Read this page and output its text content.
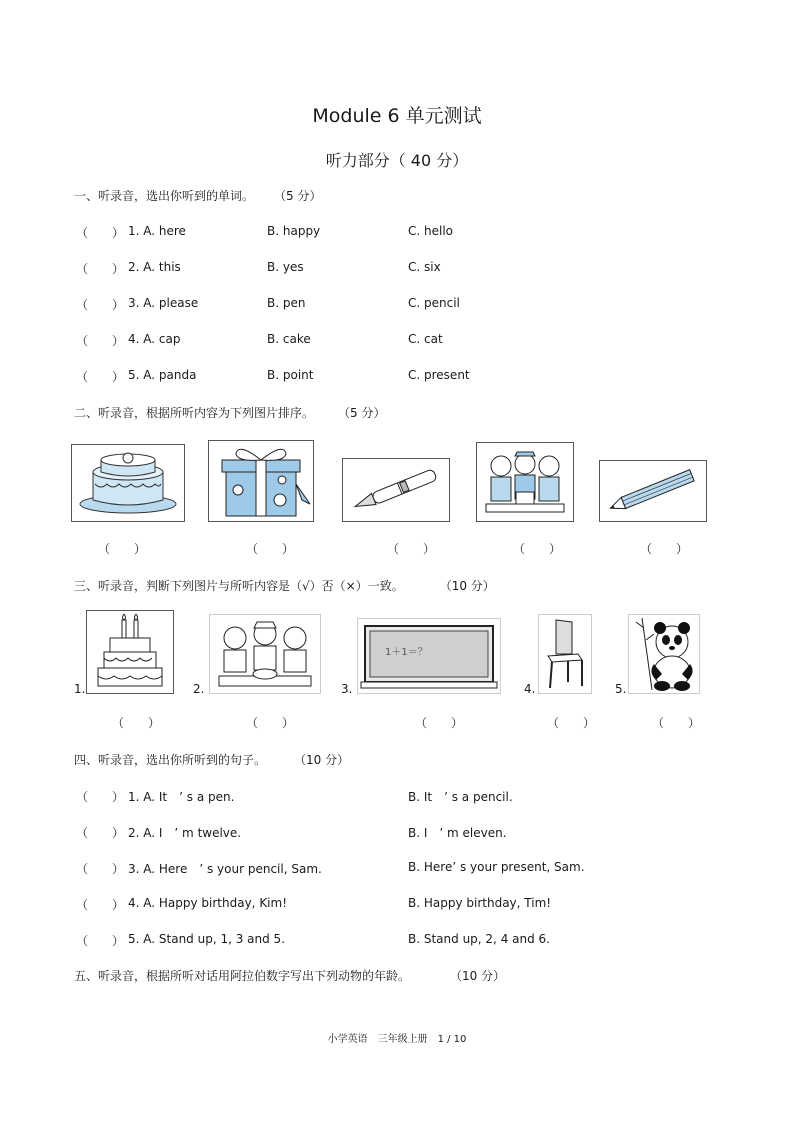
Module 6 单元测试
听力部分（ 40 分）
一、听录音，选出你听到的单词。 （5 分）
（　　） 1. A. here	B. happy	C. hello
（　　） 2. A. this	B. yes	C. six
（　　） 3. A. please	B. pen	C. pencil
（　　） 4. A. cap	B. cake	C. cat
（　　） 5. A. panda	B. point	C. present
二、听录音，根据所听内容为下列图片排序。 （5 分）
（　　）	（　　）	（　　）	（　　）	（　　）
三、听录音，判断下列图片与所听内容是（√）否（×）一致。	（10 分）
1.	2.	3.
1＋1＝？
4.	5.
（　　）	（　　）	（　　）	（　　）	（　　）
四、听录音，选出你所听到的句子。 （10 分）
（　　） 1. A. It　’ s a pen.	B. It　’ s a pencil.
（　　） 2. A. I　’ m twelve.	B. I　’ m eleven.
（　　） 3. A. Here　’ s your pencil, Sam.	B. Here’ s your present, Sam.
（　　） 4. A. Happy birthday, Kim!	B. Happy birthday, Tim!
（　　） 5. A. Stand up, 1, 3 and 5.	B. Stand up, 2, 4 and 6.
五、听录音，根据所听对话用阿拉伯数字写出下列动物的年龄。	（10 分）
小学英语　三年级上册　1 / 10
